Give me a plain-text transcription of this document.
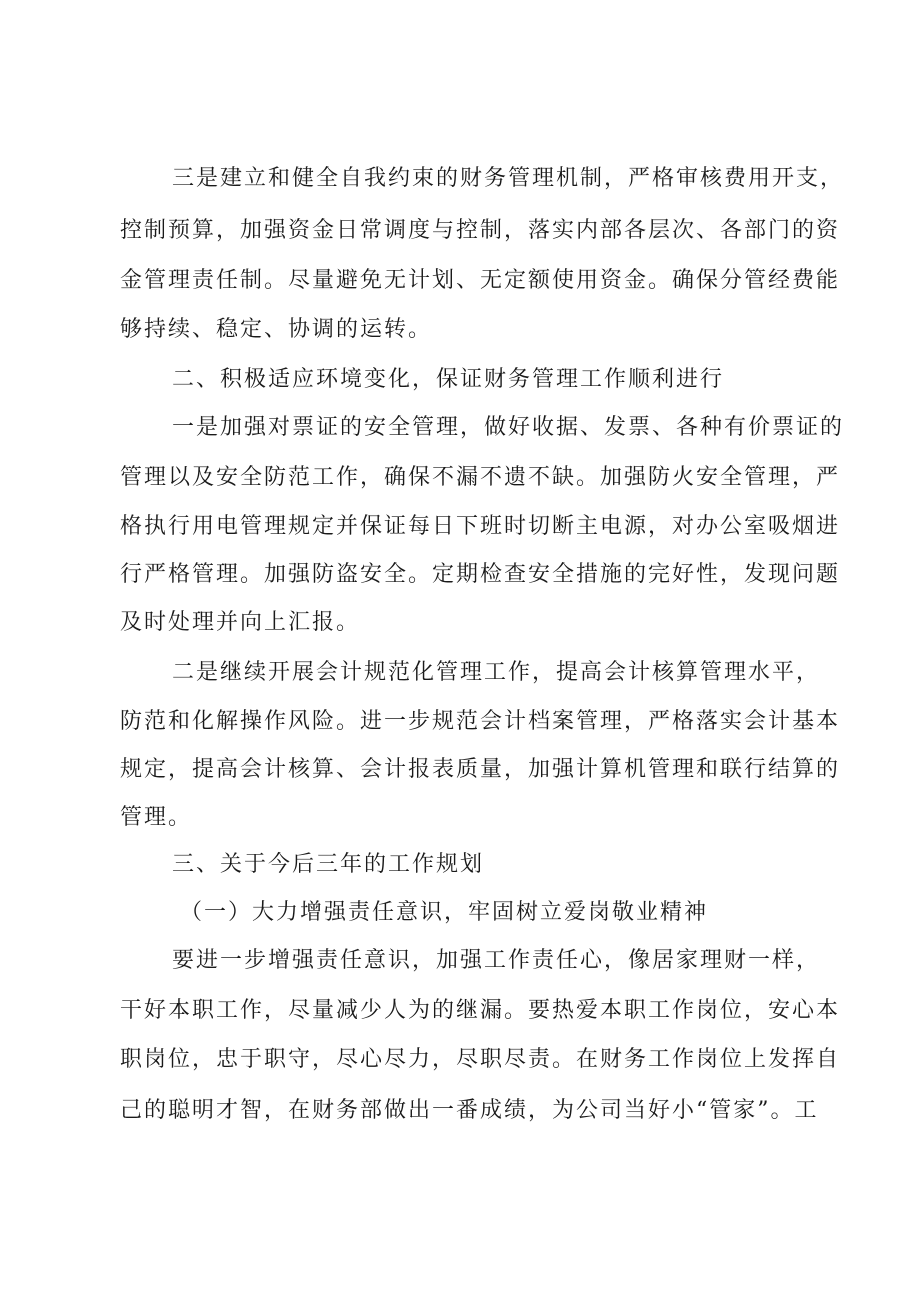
三是建立和健全自我约束的财务管理机制，严格审核费用开支，
控制预算，加强资金日常调度与控制，落实内部各层次、各部门的资
金管理责任制。尽量避免无计划、无定额使用资金。确保分管经费能
够持续、稳定、协调的运转。
二、积极适应环境变化，保证财务管理工作顺利进行
一是加强对票证的安全管理，做好收据、发票、各种有价票证的
管理以及安全防范工作，确保不漏不遗不缺。加强防火安全管理，严
格执行用电管理规定并保证每日下班时切断主电源，对办公室吸烟进
行严格管理。加强防盗安全。定期检查安全措施的完好性，发现问题
及时处理并向上汇报。
二是继续开展会计规范化管理工作，提高会计核算管理水平，
防范和化解操作风险。进一步规范会计档案管理，严格落实会计基本
规定，提高会计核算、会计报表质量，加强计算机管理和联行结算的
管理。
三、关于今后三年的工作规划
（一）大力增强责任意识，牢固树立爱岗敬业精神
要进一步增强责任意识，加强工作责任心，像居家理财一样，
干好本职工作，尽量减少人为的继漏。要热爱本职工作岗位，安心本
职岗位，忠于职守，尽心尽力，尽职尽责。在财务工作岗位上发挥自
己的聪明才智，在财务部做出一番成绩，为公司当好小“管家”。工
